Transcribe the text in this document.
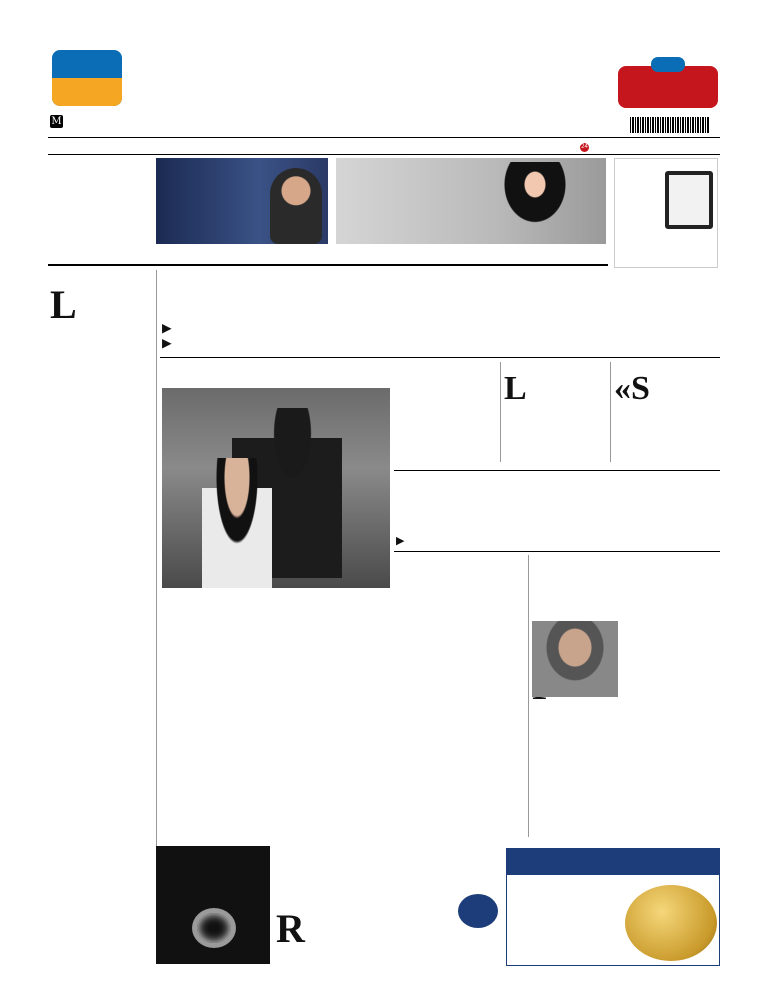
M
24
L

▶
▶

L	«S

▶

R
